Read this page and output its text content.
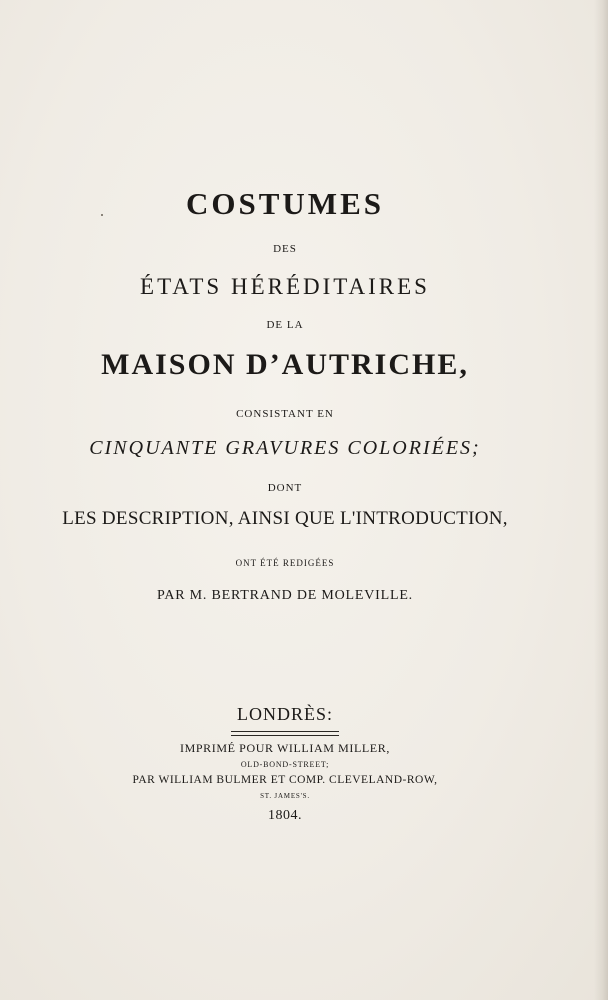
COSTUMES
DES
ÉTATS HÉRÉDITAIRES
DE LA
MAISON D’AUTRICHE,
CONSISTANT EN
CINQUANTE GRAVURES COLORIÉES;
DONT
LES DESCRIPTION, AINSI QUE L'INTRODUCTION,
ONT ÉTÉ REDIGÉES
PAR M. BERTRAND DE MOLEVILLE.
LONDRÈS:
IMPRIMÉ POUR WILLIAM MILLER,
OLD-BOND-STREET;
PAR WILLIAM BULMER ET COMP. CLEVELAND-ROW,
ST. JAMES'S.
1804.
